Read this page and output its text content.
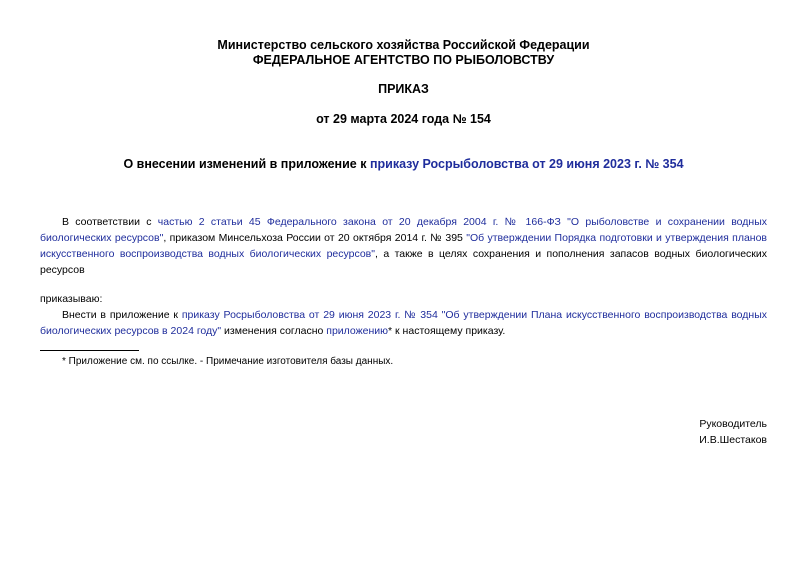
Министерство сельского хозяйства Российской Федерации
ФЕДЕРАЛЬНОЕ АГЕНТСТВО ПО РЫБОЛОВСТВУ
ПРИКАЗ
от 29 марта 2024 года № 154
О внесении изменений в приложение к приказу Росрыболовства от 29 июня 2023 г. № 354
В соответствии с частью 2 статьи 45 Федерального закона от 20 декабря 2004 г. № 166-ФЗ "О рыболовстве и сохранении водных биологических ресурсов", приказом Минсельхоза России от 20 октября 2014 г. № 395 "Об утверждении Порядка подготовки и утверждения планов искусственного воспроизводства водных биологических ресурсов", а также в целях сохранения и пополнения запасов водных биологических ресурсов
приказываю:
Внести в приложение к приказу Росрыболовства от 29 июня 2023 г. № 354 "Об утверждении Плана искусственного воспроизводства водных биологических ресурсов в 2024 году" изменения согласно приложению* к настоящему приказу.
* Приложение см. по ссылке. - Примечание изготовителя базы данных.
Руководитель
И.В.Шестаков
